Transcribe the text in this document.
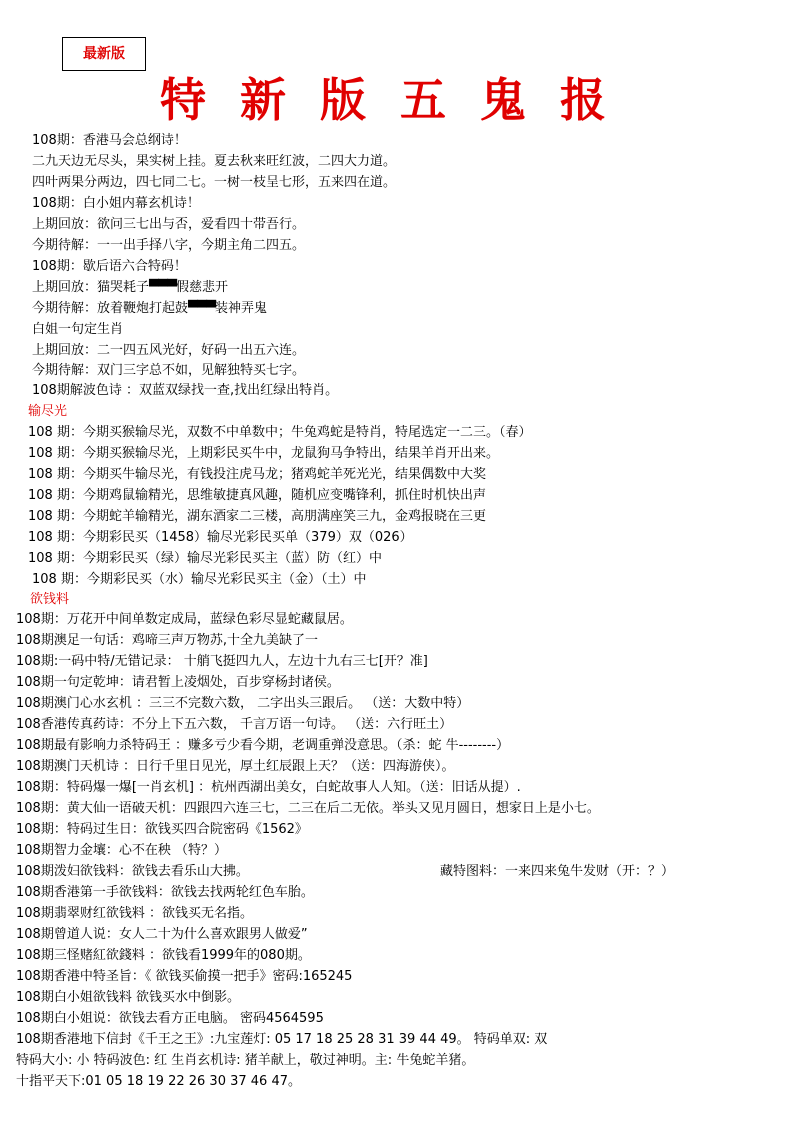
最新版
特新版五鬼报
108期：香港马会总纲诗！
二九天边无尽头，果实树上挂。夏去秋来旺红波，二四大力道。
四叶两果分两边，四七同二七。一树一枝呈七形，五来四在道。
108期：白小姐内幕玄机诗！
上期回放：欲问三七出与否，爱看四十带吾行。
今期待解：一一出手择八字，今期主角二四五。
108期：歇后语六合特码！
上期回放：猫哭耗子▀▀▀假慈悲开
今期待解：放着鞭炮打起鼓▀▀▀装神弄鬼
白姐一句定生肖
上期回放：二一四五风光好，好码一出五六连。
今期待解：双门三字总不如，见解独特买七字。
108期解波色诗 ：双蓝双绿找一查,找出红绿出特肖。
输尽光
108 期：今期买猴输尽光，双数不中单数中；牛兔鸡蛇是特肖，特尾选定一二三。（春）
108 期：今期买猴输尽光，上期彩民买牛中，龙鼠狗马争特出，结果羊肖开出来。
108 期：今期买牛输尽光，有钱投注虎马龙；猪鸡蛇羊死光光，结果偶数中大奖
108 期：今期鸡鼠输精光，思维敏捷真风趣，随机应变嘴锋利，抓住时机快出声
108 期：今期蛇羊输精光，湖东酒家二三楼，高朋满座笑三九，金鸡报晓在三更
108 期：今期彩民买（1458）输尽光彩民买单（379）双（026）
108 期：今期彩民买（绿）输尽光彩民买主（蓝）防（红）中
108 期：今期彩民买（水）输尽光彩民买主（金）（土）中
欲钱料
108期：万花开中间单数定成局，蓝绿色彩尽显蛇藏鼠居。
108期澳足一句话：鸡啼三声万物苏,十全九美缺了一
108期:一码中特/无错记录： 十艄飞挺四九人，左边十九右三七[开？准]
108期一句定乾坤：请君暂上凌烟处，百步穿杨封诸侯。
108期澳门心水玄机 ：三三不完数六数， 二字出头三跟后。 （送：大数中特）
108香港传真药诗：不分上下五六数， 千言万语一句诗。 （送：六行旺土）
108期最有影响力杀特码王 ：赚多亏少看今期，老调重弹没意思。（杀：蛇 牛--------）
108期澳门天机诗 ：日行千里日见光，厚土红辰跟上天？（送：四海游侠）。
108期：特码爆一爆[一肖玄机] ：杭州西湖出美女，白蛇故事人人知。（送：旧话从提）.
108期：黄大仙一语破天机：四跟四六连三七，二三在后二无依。举头又见月圆日，想家日上是小七。
108期：特码过生日：欲钱买四合院密码《1562》
108期智力金壤：心不在秧 （特？）
108期泼妇欲钱料：欲钱去看乐山大拂。	藏特图料：一来四来兔牛发财（开：？）
108期香港第一手欲钱料：欲钱去找两轮红色车胎。
108期翡翠财红欲钱料 ：欲钱买无名指。
108期曾道人说：女人二十为什么喜欢跟男人做爱”
108期三怪赌紅欲錢料 ：欲钱看1999年的080期。
108期香港中特圣旨：《 欲钱买偷摸一把手》密码:165245
108期白小姐欲钱料 欲钱买水中倒影。
108期白小姐说：欲钱去看方正电脑。 密码4564595
108期香港地下信封《千王之王》:九宝莲灯: 05 17 18 25 28 31 39 44 49。 特码单双: 双
特码大小: 小 特码波色: 红 生肖玄机诗: 猪羊献上，敬过神明。主: 牛兔蛇羊猪。
十指平天下:01 05 18 19 22 26 30 37 46 47。
